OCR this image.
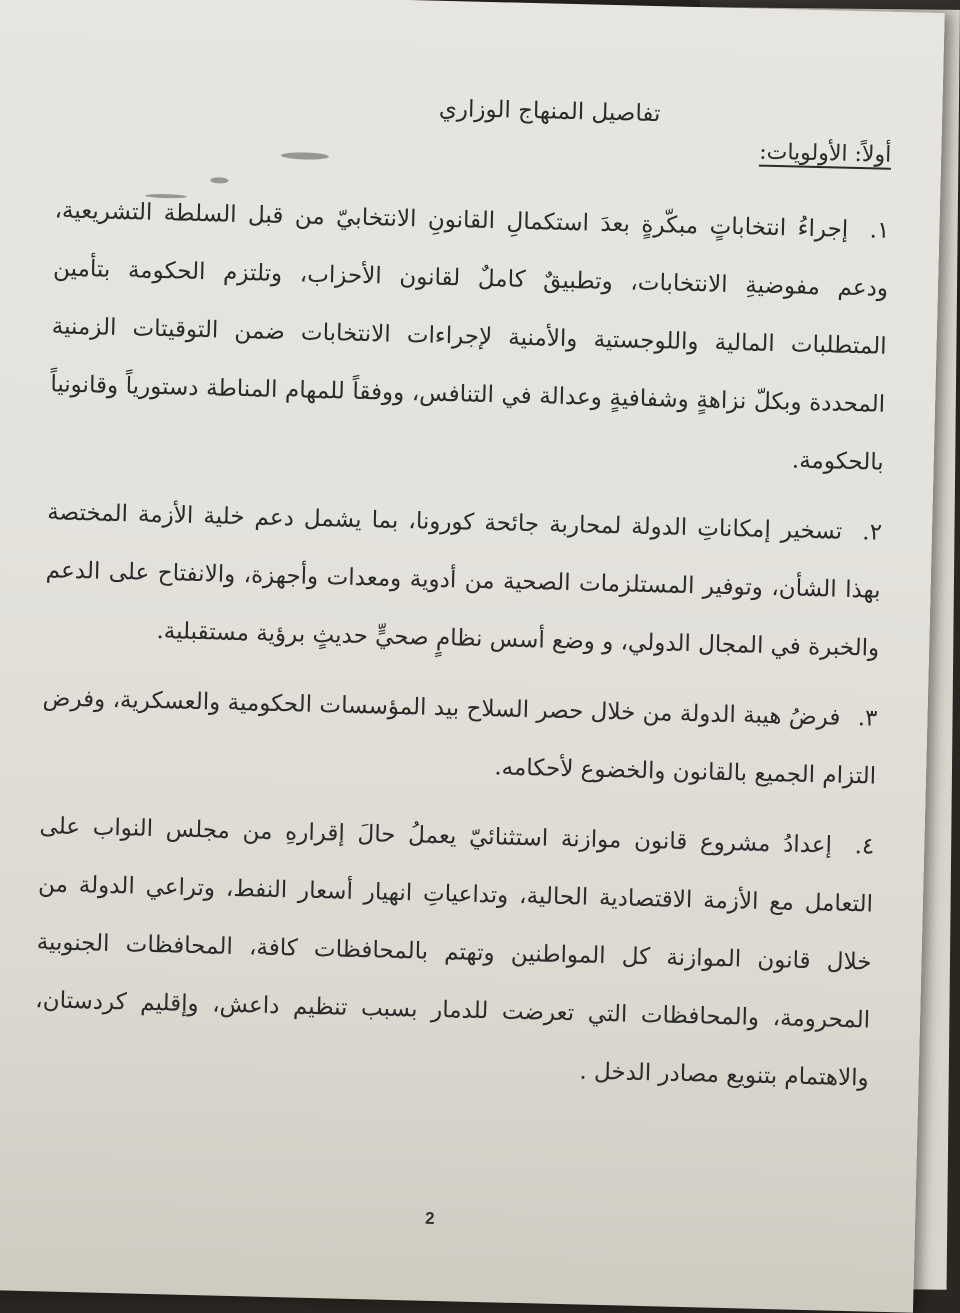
تفاصيل المنهاج الوزاري
أولاً: الأولويات:

١. إجراءُ انتخاباتٍ مبكّرةٍ بعدَ استكمالِ القانونِ الانتخابيّ من قبل السلطة التشريعية، ودعم مفوضيةِ الانتخابات، وتطبيقٌ كاملٌ لقانون الأحزاب، وتلتزم الحكومة بتأمين المتطلبات المالية واللوجستية والأمنية لإجراءات الانتخابات ضمن التوقيتات الزمنية المحددة وبكلّ نزاهةٍ وشفافيةٍ وعدالة في التنافس، ووفقاً للمهام المناطة دستورياً وقانونياً بالحكومة.

٢. تسخير إمكاناتِ الدولة لمحاربة جائحة كورونا، بما يشمل دعم خلية الأزمة المختصة بهذا الشأن، وتوفير المستلزمات الصحية من أدوية ومعدات وأجهزة، والانفتاح على الدعم والخبرة في المجال الدولي، و وضع أسس نظامٍ صحيٍّ حديثٍ برؤية مستقبلية.

٣. فرضُ هيبة الدولة من خلال حصر السلاح بيد المؤسسات الحكومية والعسكرية، وفرض التزام الجميع بالقانون والخضوع لأحكامه.

٤. إعدادُ مشروع قانون موازنة استثنائيّ يعملُ حالَ إقرارهِ من مجلس النواب على التعامل مع الأزمة الاقتصادية الحالية، وتداعياتِ انهيار أسعار النفط، وتراعي الدولة من خلال قانون الموازنة كل المواطنين وتهتم بالمحافظات كافة، المحافظات الجنوبية المحرومة، والمحافظات التي تعرضت للدمار بسبب تنظيم داعش، وإقليم كردستان، والاهتمام بتنويع مصادر الدخل .

2
